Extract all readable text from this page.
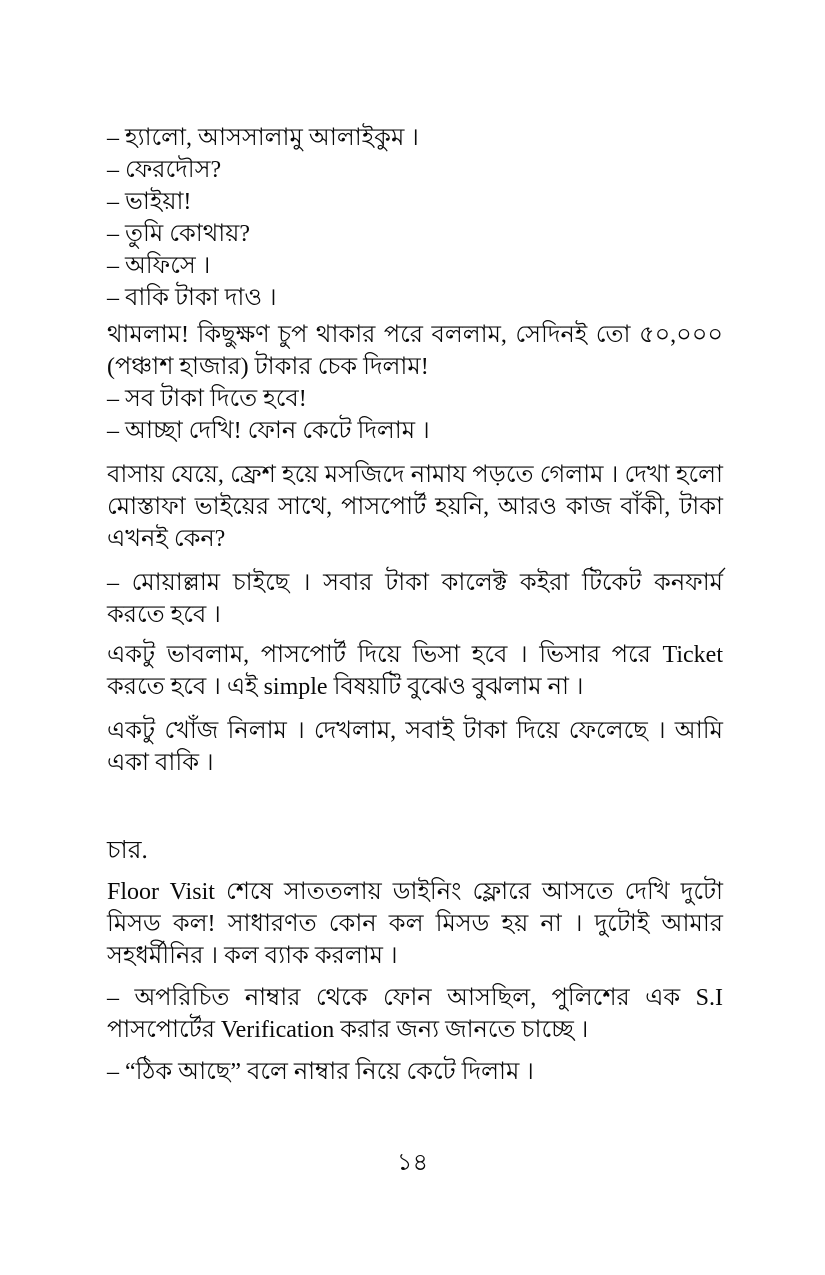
– হ্যালো, আসসালামু আলাইকুম ।

– ফেরদৌস?

– ভাইয়া!

– তুমি কোথায়?

– অফিসে ।

– বাকি টাকা দাও ।

থামলাম! কিছুক্ষণ চুপ থাকার পরে বললাম, সেদিনই তো ৫০,০০০ (পঞ্চাশ হাজার) টাকার চেক দিলাম!

– সব টাকা দিতে হবে!

– আচ্ছা দেখি! ফোন কেটে দিলাম ।

বাসায় যেয়ে, ফ্রেশ হয়ে মসজিদে নামায পড়তে গেলাম । দেখা হলো মোস্তাফা ভাইয়ের সাথে, পাসপোর্ট হয়নি, আরও কাজ বাঁকী, টাকা এখনই কেন?

– মোয়াল্লাম চাইছে । সবার টাকা কালেক্ট কইরা টিকেট কনফার্ম করতে হবে ।

একটু ভাবলাম, পাসপোর্ট দিয়ে ভিসা হবে । ভিসার পরে Ticket করতে হবে । এই simple বিষয়টি বুঝেও বুঝলাম না ।

একটু খোঁজ নিলাম । দেখলাম, সবাই টাকা দিয়ে ফেলেছে । আমি একা বাকি ।

চার.

Floor Visit শেষে সাততলায় ডাইনিং ফ্লোরে আসতে দেখি দুটো মিসড কল! সাধারণত কোন কল মিসড হয় না । দুটোই আমার সহধর্মীনির । কল ব্যাক করলাম ।

– অপরিচিত নাম্বার থেকে ফোন আসছিল, পুলিশের এক S.I পাসপোর্টের Verification করার জন্য জানতে চাচ্ছে ।

– “ঠিক আছে” বলে নাম্বার নিয়ে কেটে দিলাম ।

১৪
